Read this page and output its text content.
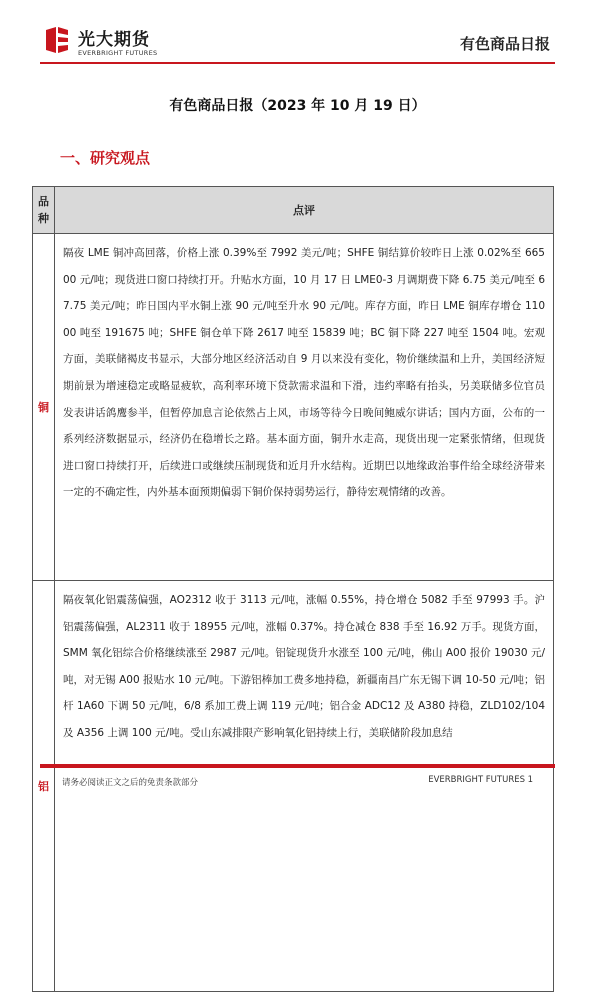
光大期货
EVERBRIGHT FUTURES	有色商品日报
有色商品日报（2023 年 10 月 19 日）
一、研究观点
品种	点评
铜	隔夜 LME 铜冲高回落，价格上涨 0.39%至 7992 美元/吨；SHFE 铜结算价较昨日上涨 0.02%至 66500 元/吨；现货进口窗口持续打开。升贴水方面，10 月 17 日 LME0-3 月调期费下降 6.75 美元/吨至 67.75 美元/吨；昨日国内平水铜上涨 90 元/吨至升水 90 元/吨。库存方面，昨日 LME 铜库存增仓 11000 吨至 191675 吨；SHFE 铜仓单下降 2617 吨至 15839 吨；BC 铜下降 227 吨至 1504 吨。宏观方面，美联储褐皮书显示，大部分地区经济活动自 9 月以来没有变化，物价继续温和上升，美国经济短期前景为增速稳定或略显疲软，高利率环境下贷款需求温和下滑，违约率略有抬头，另美联储多位官员发表讲话鸽鹰参半，但暂停加息言论依然占上风，市场等待今日晚间鲍威尔讲话；国内方面，公布的一系列经济数据显示，经济仍在稳增长之路。基本面方面，铜升水走高，现货出现一定紧张情绪，但现货进口窗口持续打开，后续进口或继续压制现货和近月升水结构。近期巴以地缘政治事件给全球经济带来一定的不确定性，内外基本面预期偏弱下铜价保持弱势运行，静待宏观情绪的改善。
铝	隔夜氧化铝震荡偏强，AO2312 收于 3113 元/吨，涨幅 0.55%，持仓增仓 5082 手至 97993 手。沪铝震荡偏强，AL2311 收于 18955 元/吨，涨幅 0.37%。持仓减仓 838 手至 16.92 万手。现货方面，SMM 氧化铝综合价格继续涨至 2987 元/吨。铝锭现货升水涨至 100 元/吨，佛山 A00 报价 19030 元/吨，对无锡 A00 报贴水 10 元/吨。下游铝棒加工费多地持稳，新疆南昌广东无锡下调 10-50 元/吨；铝杆 1A60 下调 50 元/吨，6/8 系加工费上调 119 元/吨；铝合金 ADC12 及 A380 持稳，ZLD102/104 及 A356 上调 100 元/吨。受山东减排限产影响氧化铝持续上行，美联储阶段加息结
请务必阅读正文之后的免责条款部分	EVERBRIGHT FUTURES 1
